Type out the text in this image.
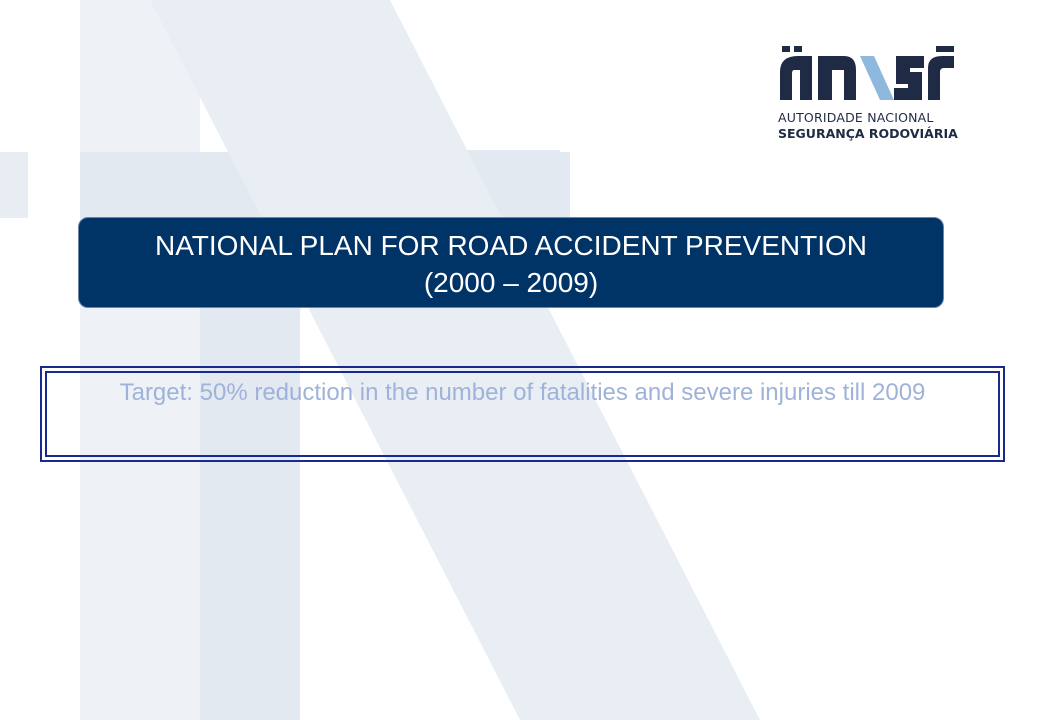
AUTORIDADE NACIONAL
SEGURANÇA RODOVIÁRIA
NATIONAL PLAN FOR ROAD ACCIDENT PREVENTION
(2000 – 2009)
Target: 50% reduction in the number of fatalities and severe injuries till 2009
